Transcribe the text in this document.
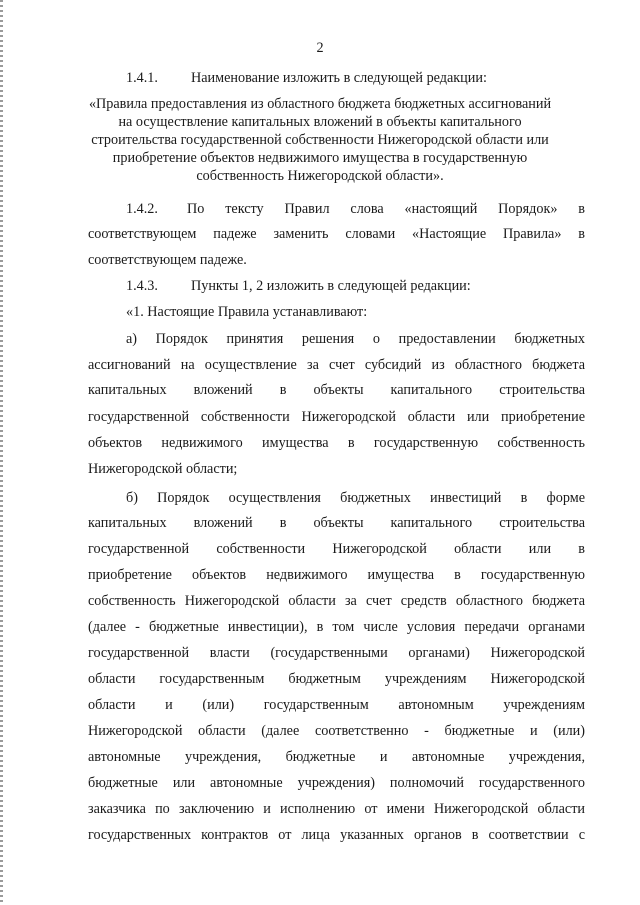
2
1.4.1. Наименование изложить в следующей редакции:
«Правила предоставления из областного бюджета бюджетных ассигнований
на осуществление капитальных вложений в объекты капитального
строительства государственной собственности Нижегородской области или
приобретение объектов недвижимого имущества в государственную
собственность Нижегородской области».
1.4.2. По    тексту    Правил    слова    «настоящий    Порядок»    в
соответствующем падеже заменить словами «Настоящие Правила» в
соответствующем падеже.
1.4.3. Пункты 1, 2 изложить в следующей редакции:
«1. Настоящие Правила устанавливают:
а) Порядок принятия решения о предоставлении бюджетных
ассигнований на осуществление за счет субсидий из областного бюджета
капитальных вложений в объекты капитального строительства
государственной собственности Нижегородской области или приобретение
объектов недвижимого имущества в государственную собственность
Нижегородской области;
б) Порядок осуществления бюджетных инвестиций в форме
капитальных вложений в объекты капитального строительства
государственной собственности Нижегородской области или в
приобретение объектов недвижимого имущества в государственную
собственность Нижегородской области за счет средств областного бюджета
(далее - бюджетные инвестиции), в том числе условия передачи органами
государственной власти (государственными органами) Нижегородской
области государственным бюджетным учреждениям Нижегородской
области и (или) государственным автономным учреждениям
Нижегородской области (далее соответственно - бюджетные и (или)
автономные учреждения, бюджетные и автономные учреждения,
бюджетные или автономные учреждения) полномочий государственного
заказчика по заключению и исполнению от имени Нижегородской области
государственных контрактов от лица указанных органов в соответствии с
